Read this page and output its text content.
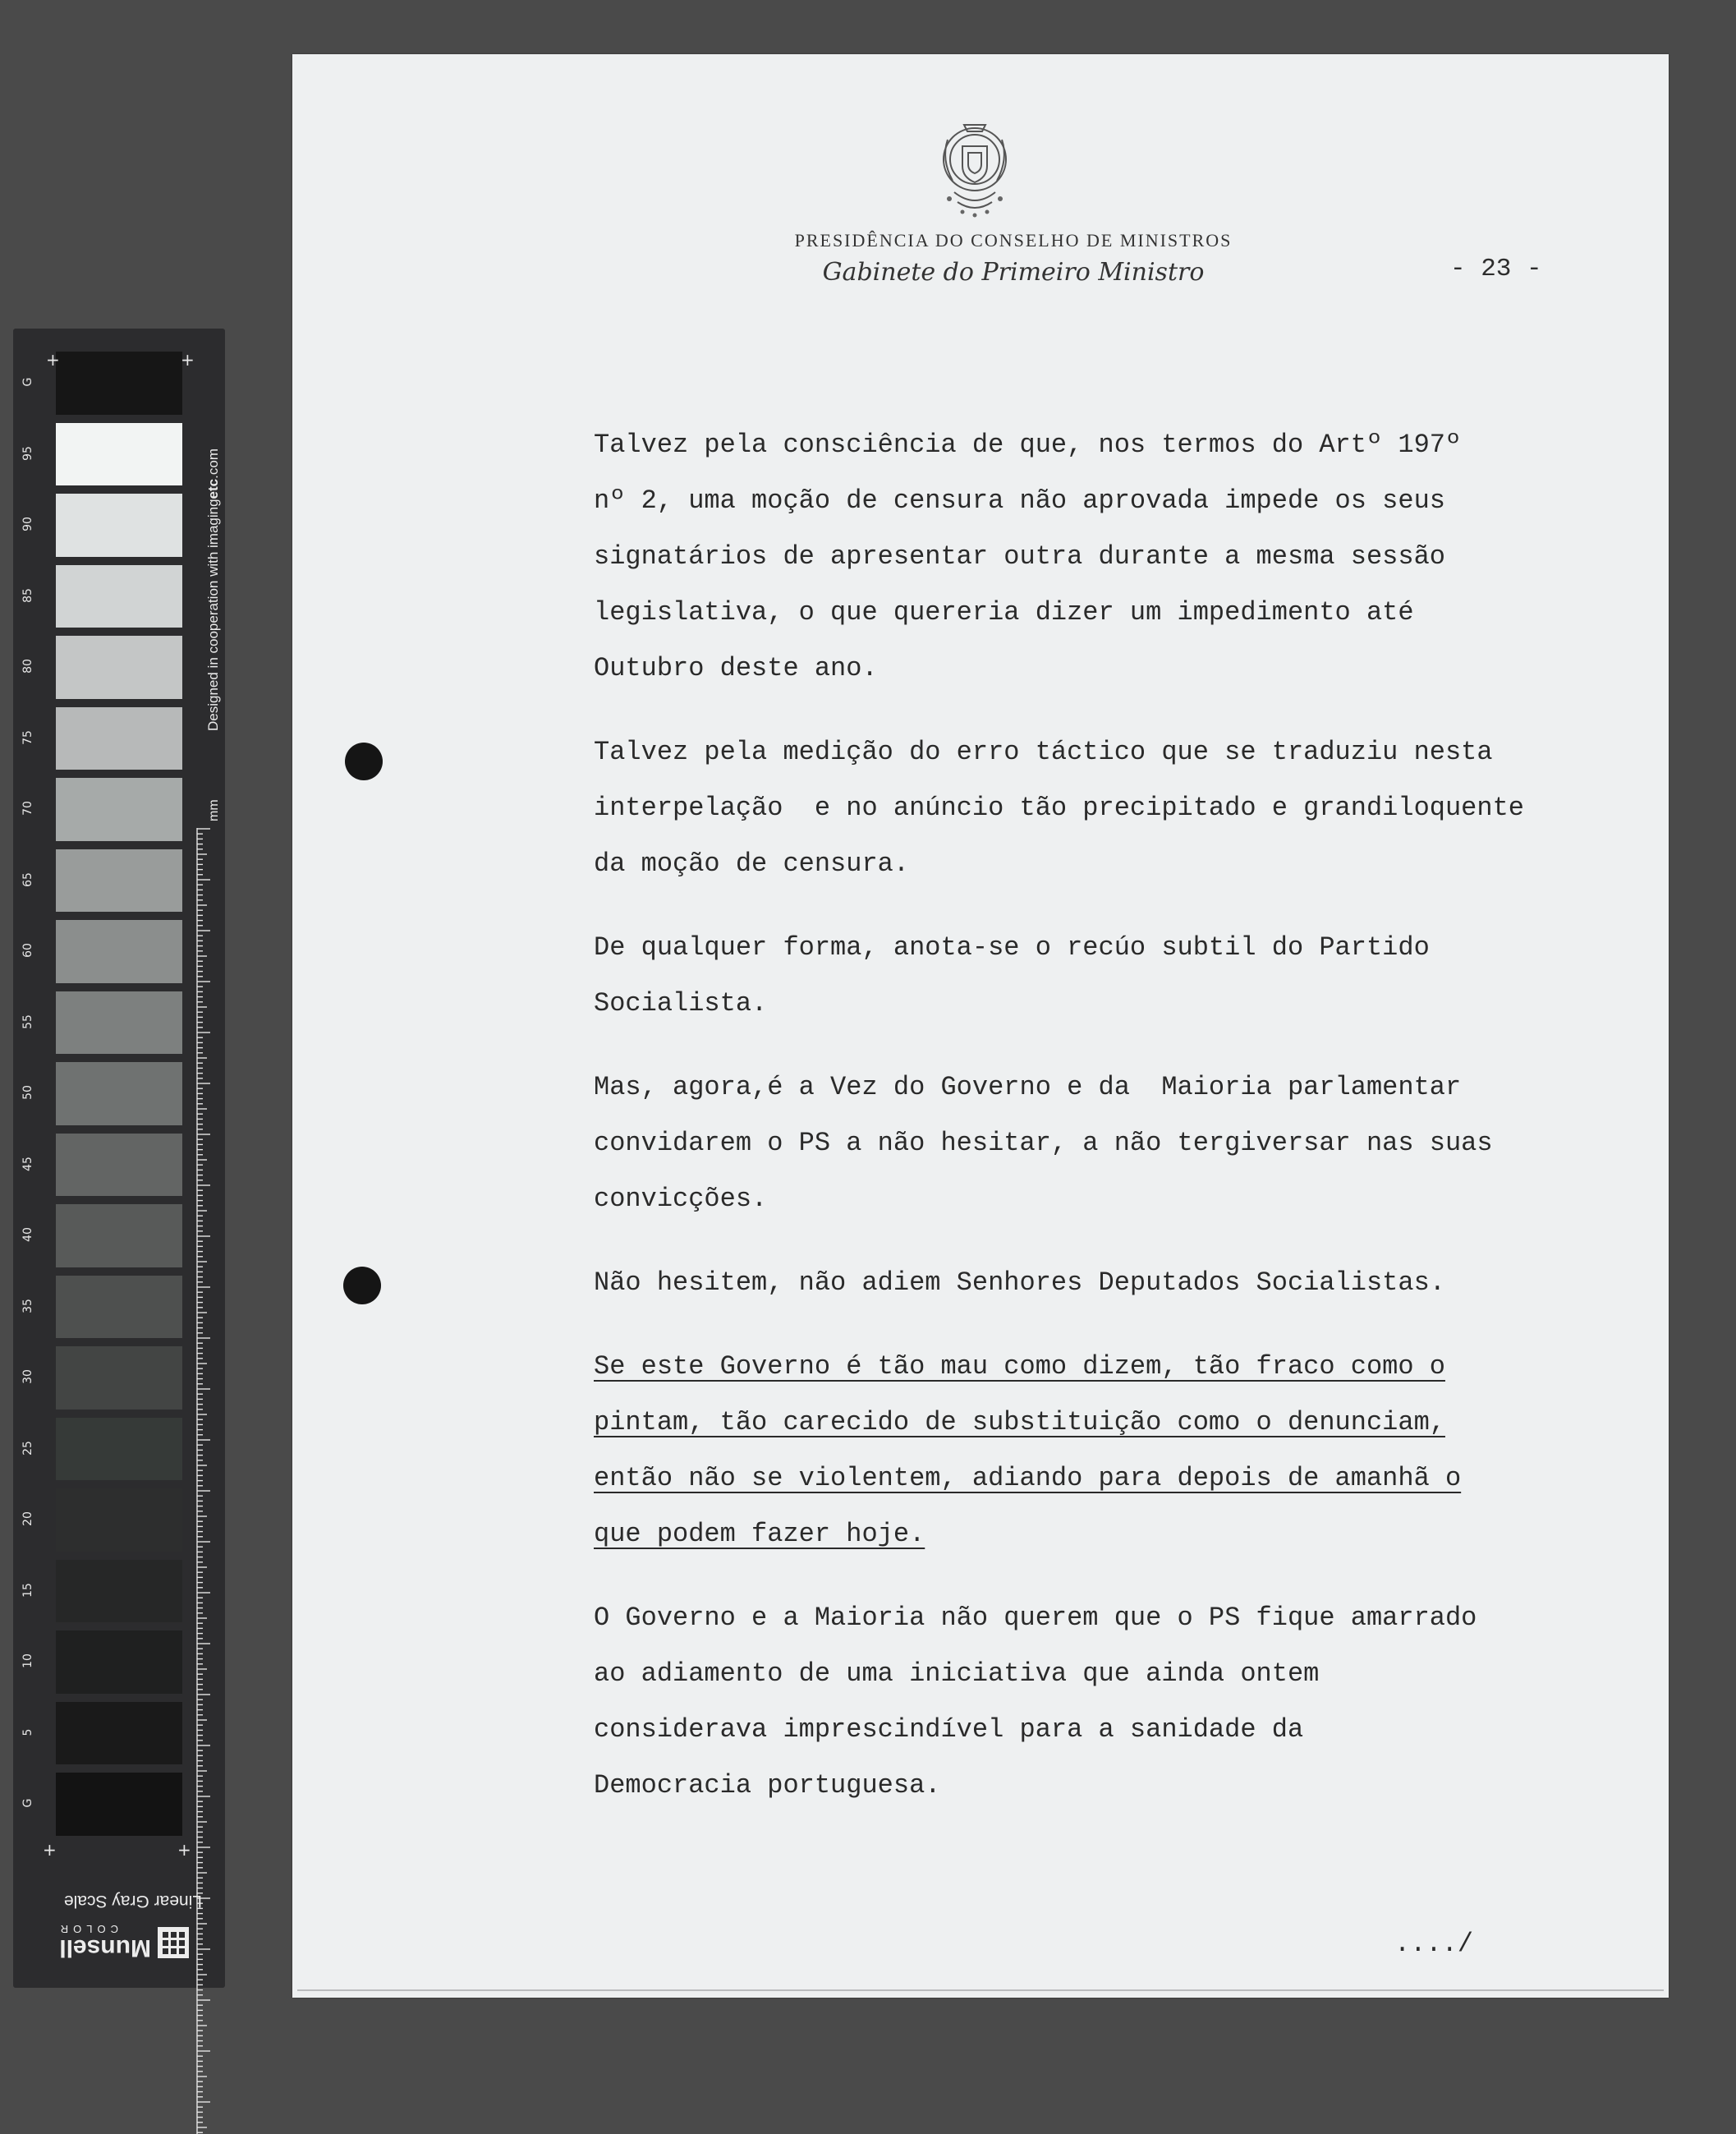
+	+
+	+
Designed in cooperation with imagingetc.com
mm
Linear Gray Scale
Munsell
COLOR
G
95
90
85
80
75
70
65
60
55
50
45
40
35
30
25
20
15
10
5
G
PRESIDÊNCIA DO CONSELHO DE MINISTROS
Gabinete do Primeiro Ministro	- 23 -

Talvez pela consciência de que, nos termos do Artº 197º
nº 2, uma moção de censura não aprovada impede os seus
signatários de apresentar outra durante a mesma sessão
legislativa, o que quereria dizer um impedimento até
Outubro deste ano.

Talvez pela medição do erro táctico que se traduziu nesta
interpelação  e no anúncio tão precipitado e grandiloquente
da moção de censura.

De qualquer forma, anota-se o recúo subtil do Partido
Socialista.

Mas, agora,é a Vez do Governo e da  Maioria parlamentar
convidarem o PS a não hesitar, a não tergiversar nas suas
convicções.

Não hesitem, não adiem Senhores Deputados Socialistas.

Se este Governo é tão mau como dizem, tão fraco como o
pintam, tão carecido de substituição como o denunciam,
então não se violentem, adiando para depois de amanhã o
que podem fazer hoje.

O Governo e a Maioria não querem que o PS fique amarrado
ao adiamento de uma iniciativa que ainda ontem
considerava imprescindível para a sanidade da
Democracia portuguesa.

..../
